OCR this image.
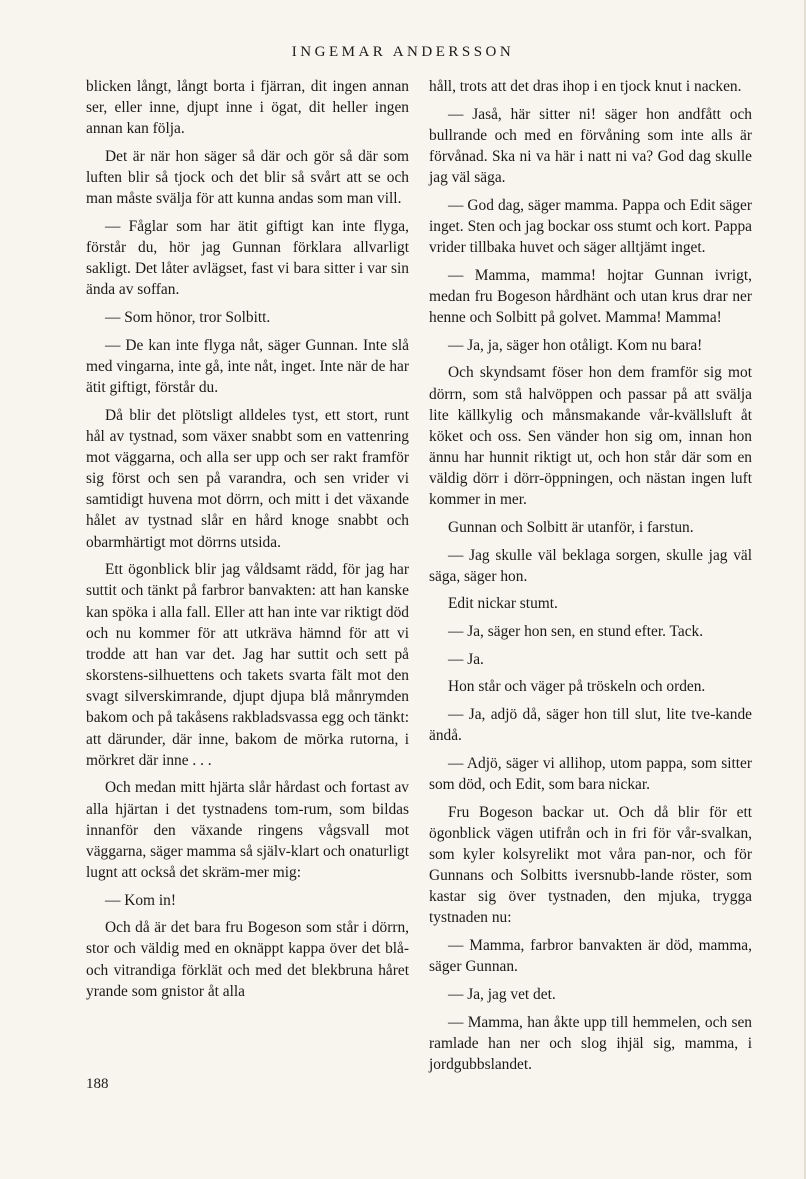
INGEMAR ANDERSSON

blicken långt, långt borta i fjärran, dit ingen annan ser, eller inne, djupt inne i ögat, dit heller ingen annan kan följa.

Det är när hon säger så där och gör så där som luften blir så tjock och det blir så svårt att se och man måste svälja för att kunna andas som man vill.

— Fåglar som har ätit giftigt kan inte flyga, förstår du, hör jag Gunnan förklara allvarligt sakligt. Det låter avlägset, fast vi bara sitter i var sin ända av soffan.

— Som hönor, tror Solbitt.

— De kan inte flyga nåt, säger Gunnan. Inte slå med vingarna, inte gå, inte nåt, inget. Inte när de har ätit giftigt, förstår du.

Då blir det plötsligt alldeles tyst, ett stort, runt hål av tystnad, som växer snabbt som en vattenring mot väggarna, och alla ser upp och ser rakt framför sig först och sen på varandra, och sen vrider vi samtidigt huvena mot dörrn, och mitt i det växande hålet av tystnad slår en hård knoge snabbt och obarmhärtigt mot dörrns utsida.

Ett ögonblick blir jag våldsamt rädd, för jag har suttit och tänkt på farbror banvakten: att han kanske kan spöka i alla fall. Eller att han inte var riktigt död och nu kommer för att utkräva hämnd för att vi trodde att han var det. Jag har suttit och sett på skorstens-silhuettens och takets svarta fält mot den svagt silverskimrande, djupt djupa blå månrymden bakom och på takåsens rakbladsvassa egg och tänkt: att därunder, där inne, bakom de mörka rutorna, i mörkret där inne . . .

Och medan mitt hjärta slår hårdast och fortast av alla hjärtan i det tystnadens tom-rum, som bildas innanför den växande ringens vågsvall mot väggarna, säger mamma så själv-klart och onaturligt lugnt att också det skräm-mer mig:

— Kom in!

Och då är det bara fru Bogeson som står i dörrn, stor och väldig med en oknäppt kappa över det blå- och vitrandiga förklät och med det blekbruna håret yrande som gnistor åt alla

håll, trots att det dras ihop i en tjock knut i nacken.

— Jaså, här sitter ni! säger hon andfått och bullrande och med en förvåning som inte alls är förvånad. Ska ni va här i natt ni va? God dag skulle jag väl säga.

— God dag, säger mamma. Pappa och Edit säger inget. Sten och jag bockar oss stumt och kort. Pappa vrider tillbaka huvet och säger alltjämt inget.

— Mamma, mamma! hojtar Gunnan ivrigt, medan fru Bogeson hårdhänt och utan krus drar ner henne och Solbitt på golvet. Mamma! Mamma!

— Ja, ja, säger hon otåligt. Kom nu bara!

Och skyndsamt föser hon dem framför sig mot dörrn, som stå halvöppen och passar på att svälja lite källkylig och månsmakande vår-kvällsluft åt köket och oss. Sen vänder hon sig om, innan hon ännu har hunnit riktigt ut, och hon står där som en väldig dörr i dörr-öppningen, och nästan ingen luft kommer in mer.

Gunnan och Solbitt är utanför, i farstun.

— Jag skulle väl beklaga sorgen, skulle jag väl säga, säger hon.

Edit nickar stumt.

— Ja, säger hon sen, en stund efter. Tack.

— Ja.

Hon står och väger på tröskeln och orden.

— Ja, adjö då, säger hon till slut, lite tve-kande ändå.

— Adjö, säger vi allihop, utom pappa, som sitter som död, och Edit, som bara nickar.

Fru Bogeson backar ut. Och då blir för ett ögonblick vägen utifrån och in fri för vår-svalkan, som kyler kolsyrelikt mot våra pan-nor, och för Gunnans och Solbitts iversnubb-lande röster, som kastar sig över tystnaden, den mjuka, trygga tystnaden nu:

— Mamma, farbror banvakten är död, mamma, säger Gunnan.

— Ja, jag vet det.

— Mamma, han åkte upp till hemmelen, och sen ramlade han ner och slog ihjäl sig, mamma, i jordgubbslandet.

188
